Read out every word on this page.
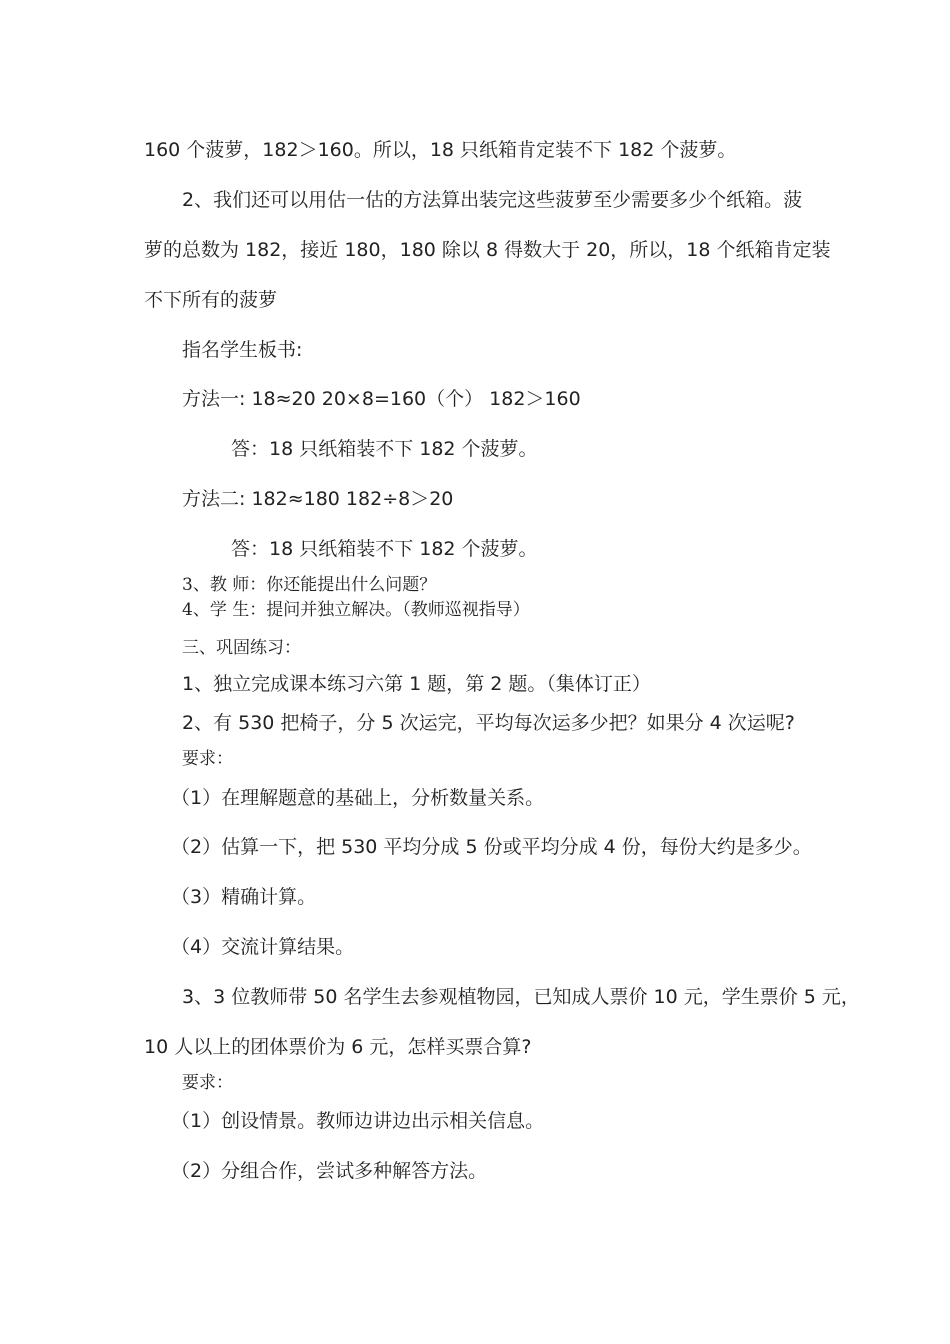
160 个菠萝，182＞160。所以，18 只纸箱肯定装不下 182 个菠萝。
2、我们还可以用估一估的方法算出装完这些菠萝至少需要多少个纸箱。菠
萝的总数为 182，接近 180，180 除以 8 得数大于 20，所以，18 个纸箱肯定装
不下所有的菠萝
指名学生板书:
方法一: 18≈20 20×8=160（个） 182＞160
答：18 只纸箱装不下 182 个菠萝。
方法二: 182≈180 182÷8＞20
答：18 只纸箱装不下 182 个菠萝。
3、教 师：你还能提出什么问题？
4、学 生：提问并独立解决。（教师巡视指导）
三、巩固练习：
1、独立完成课本练习六第 1 题，第 2 题。（集体订正）
2、有 530 把椅子，分 5 次运完，平均每次运多少把？如果分 4 次运呢?
要求：
（1）在理解题意的基础上，分析数量关系。
（2）估算一下，把 530 平均分成 5 份或平均分成 4 份，每份大约是多少。
（3）精确计算。
（4）交流计算结果。
3、3 位教师带 50 名学生去参观植物园，已知成人票价 10 元，学生票价 5 元，
10 人以上的团体票价为 6 元，怎样买票合算?
要求：
（1）创设情景。教师边讲边出示相关信息。
（2）分组合作，尝试多种解答方法。
